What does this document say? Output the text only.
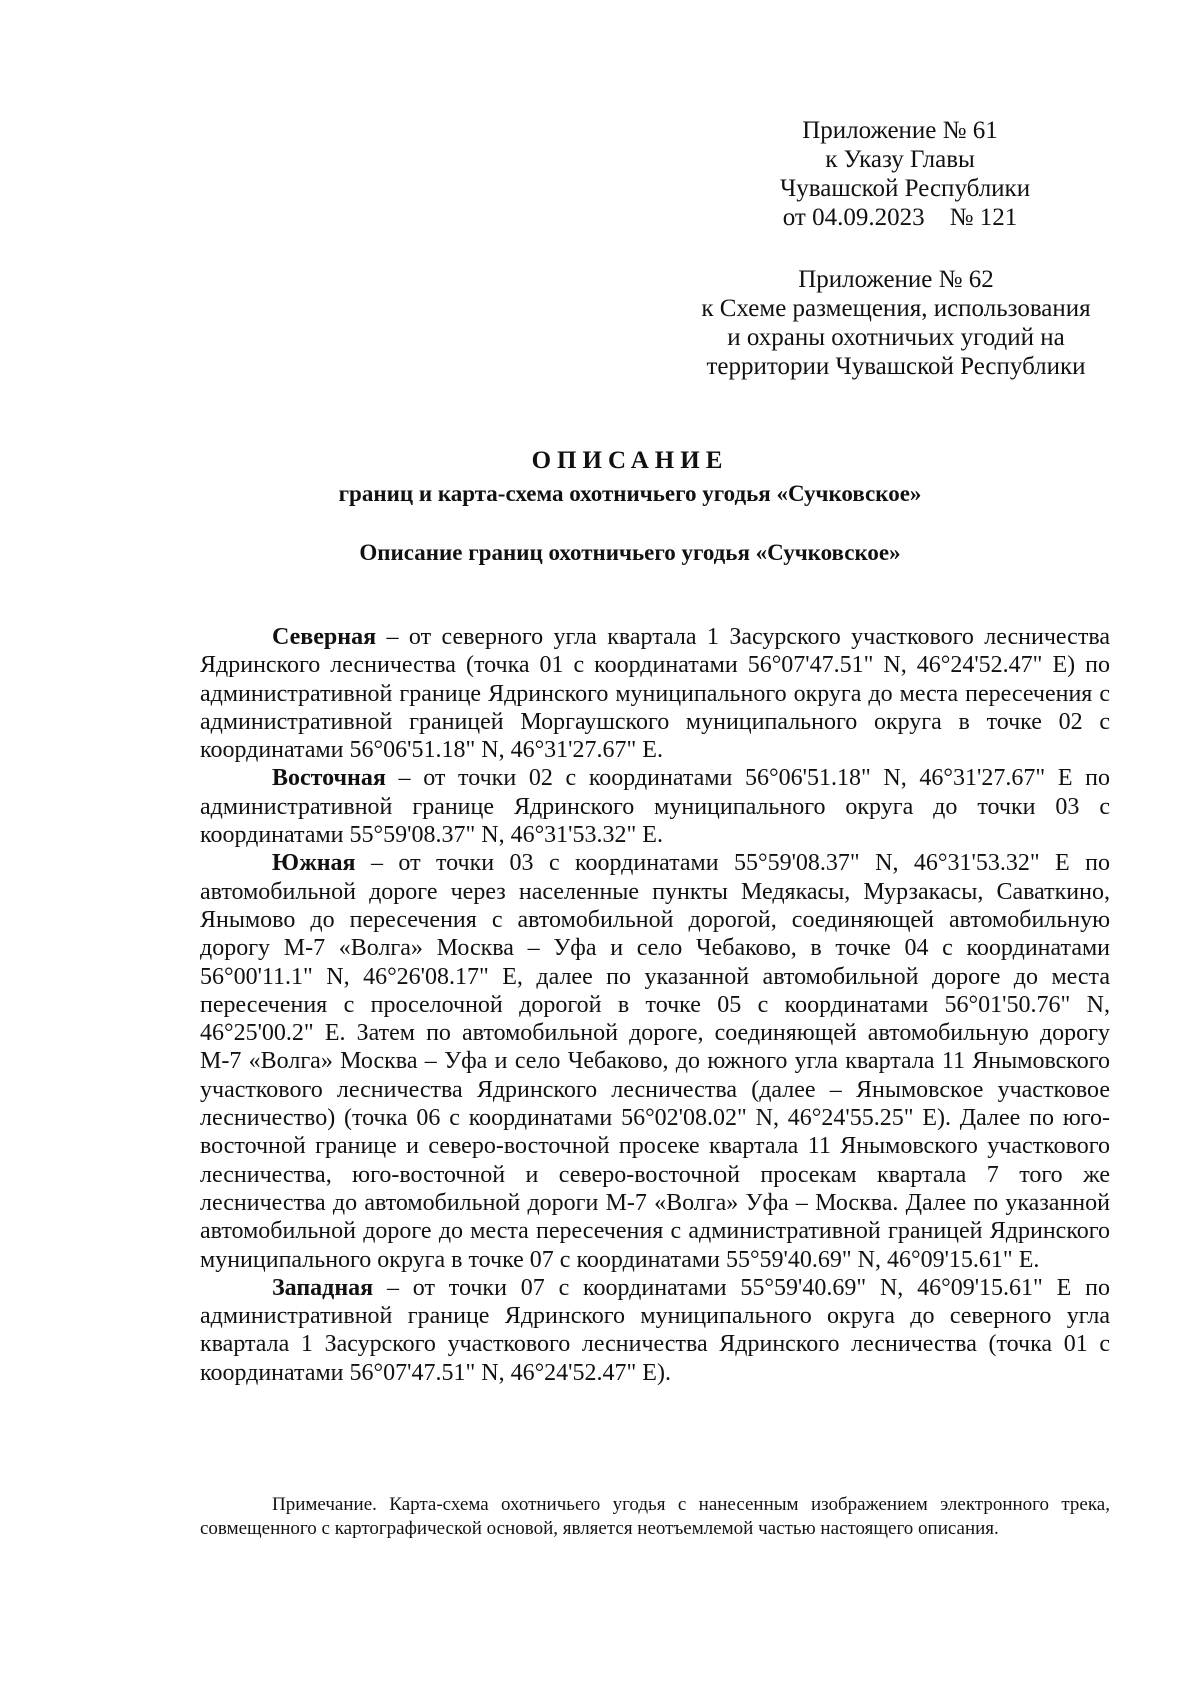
Приложение № 61
к Указу Главы
Чувашской Республики
от 04.09.2023    № 121
Приложение № 62
к Схеме размещения, использования
и охраны охотничьих угодий на
территории Чувашской Республики
ОПИСАНИЕ
границ и карта-схема охотничьего угодья «Сучковское»
Описание границ охотничьего угодья «Сучковское»

Северная – от северного угла квартала 1 Засурского участкового лесничества Ядринского лесничества (точка 01 с координатами 56°07'47.51" N, 46°24'52.47" E) по административной границе Ядринского муниципального округа до места пересечения с административной границей Моргаушского муниципального округа в точке 02 с координатами 56°06'51.18" N, 46°31'27.67" E.

Восточная – от точки 02 с координатами 56°06'51.18" N, 46°31'27.67" E по административной границе Ядринского муниципального округа до точки 03 с координатами 55°59'08.37" N, 46°31'53.32" E.

Южная – от точки 03 с координатами 55°59'08.37" N, 46°31'53.32" E по автомобильной дороге через населенные пункты Медякасы, Мурзакасы, Саваткино, Янымово до пересечения с автомобильной дорогой, соединяющей автомобильную дорогу М-7 «Волга» Москва – Уфа и село Чебаково, в точке 04 с координатами 56°00'11.1" N, 46°26'08.17" E, далее по указанной автомобильной дороге до места пересечения с проселочной дорогой в точке 05 с координатами 56°01'50.76" N, 46°25'00.2" E. Затем по автомобильной дороге, соединяющей автомобильную дорогу М-7 «Волга» Москва – Уфа и село Чебаково, до южного угла квартала 11 Янымовского участкового лесничества Ядринского лесничества (далее – Янымовское участковое лесничество) (точка 06 с координатами 56°02'08.02" N, 46°24'55.25" E). Далее по юго-восточной границе и северо-восточной просеке квартала 11 Янымовского участкового лесничества, юго-восточной и северо-восточной просекам квартала 7 того же лесничества до автомобильной дороги М-7 «Волга» Уфа – Москва. Далее по указанной автомобильной дороге до места пересечения с административной границей Ядринского муниципального округа в точке 07 с координатами 55°59'40.69" N, 46°09'15.61" E.

Западная – от точки 07 с координатами 55°59'40.69" N, 46°09'15.61" E по административной границе Ядринского муниципального округа до северного угла квартала 1 Засурского участкового лесничества Ядринского лесничества (точка 01 с координатами 56°07'47.51" N, 46°24'52.47" E).

Примечание. Карта-схема охотничьего угодья с нанесенным изображением электронного трека, совмещенного с картографической основой, является неотъемлемой частью настоящего описания.
